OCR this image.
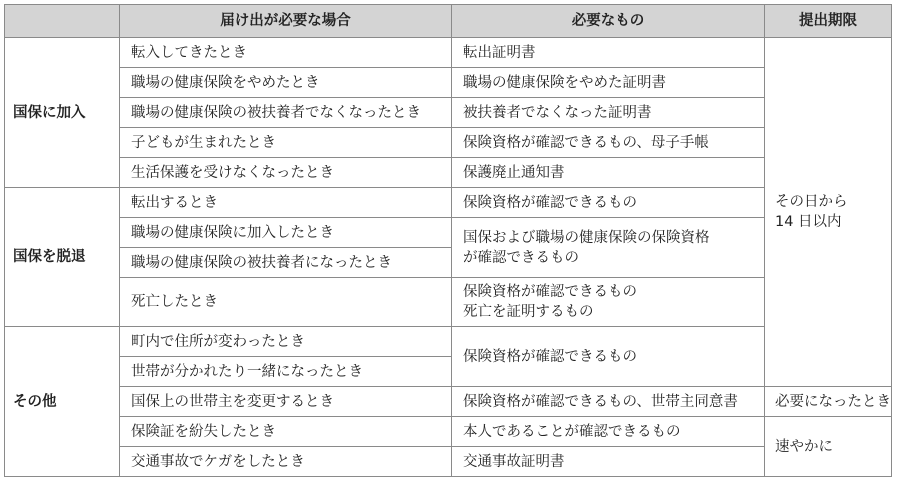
	届け出が必要な場合	必要なもの	提出期限
国保に加入	転入してきたとき	転出証明書	その日から
14 日以内

	職場の健康保険をやめたとき	職場の健康保険をやめた証明書	
	職場の健康保険の被扶養者でなくなったとき	被扶養者でなくなった証明書	
	子どもが生まれたとき	保険資格が確認できるもの、母子手帳	
	生活保護を受けなくなったとき	保護廃止通知書	
国保を脱退	転出するとき	保険資格が確認できるもの	
	職場の健康保険に加入したとき	国保および職場の健康保険の保険資格
が確認できるもの	

	職場の健康保険の被扶養者になったとき		
	死亡したとき	保険資格が確認できるもの
死亡を証明するもの	

その他	町内で住所が変わったとき	保険資格が確認できるもの	
	世帯が分かれたり一緒になったとき		
	国保上の世帯主を変更するとき	保険資格が確認できるもの、世帯主同意書	必要になったとき
	保険証を紛失したとき	本人であることが確認できるもの	速やかに
	交通事故でケガをしたとき	交通事故証明書	
